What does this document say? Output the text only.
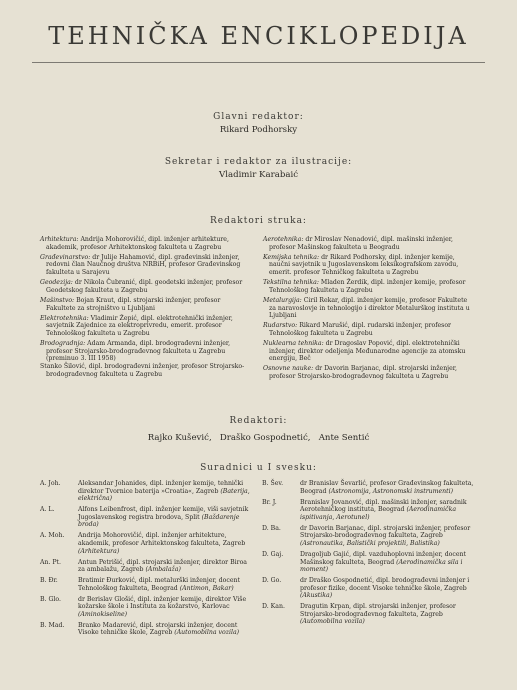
TEHNIČKA ENCIKLOPEDIJA
Glavni redaktor:
Rikard Podhorsky
Sekretar i redaktor za ilustracije:
Vladimir Karabaić
Redaktori struka:
Arhitektura: Andrija Mohorovičić, dipl. inženjer arhitekture, akademik, profesor Arhitektonskog fakulteta u Zagrebu
Građevinarstvo: dr Julije Hahamović, dipl. građevinski inženjer, redovni član Naučnog društva NRBiH, profesor Građevinskog fakulteta u Sarajevu
Geodezija: dr Nikola Čubranić, dipl. geodetski inženjer, profesor Geodetskog fakulteta u Zagrebu
Mašinstvo: Bojan Kraut, dipl. strojarski inženjer, profesor Fakultete za strojništvo u Ljubljani
Elektrotehnika: Vladimir Žepić, dipl. elektrotehnički inženjer, savjetnik Zajednice za elektroprivredu, emerit. profesor Tehnološkog fakulteta u Zagrebu
Brodogradnja: Adam Armanda, dipl. brodograđevni inženjer, profesor Strojarsko-brodograđevnog fakulteta u Zagrebu (preminuo 3. III 1958)
Stanko Šilović, dipl. brodograđevni inženjer, profesor Strojarsko-brodograđevnog fakulteta u Zagrebu
Aerotehnika: dr Miroslav Nenadović, dipl. mašinski inženjer, profesor Mašinskog fakulteta u Beogradu
Kemijska tehnika: dr Rikard Podhorsky, dipl. inženjer kemije, naučni savjetnik u Jugoslavenskom leksikografskom zavodu, emerit. profesor Tehničkog fakulteta u Zagrebu
Tekstilna tehnika: Mladen Žerdik, dipl. inženjer kemije, profesor Tehnološkog fakulteta u Zagrebu
Metalurgija: Ciril Rekar, dipl. inženjer kemije, profesor Fakultete za naravoslovje in tehnologijo i direktor Metalurškog instituta u Ljubljani
Rudarstvo: Rikard Marušić, dipl. rudarski inženjer, profesor Tehnološkog fakulteta u Zagrebu
Nuklearna tehnika: dr Dragoslav Popović, dipl. elektrotehnički inženjer, direktor odeljenja Međunarodne agencije za atomsku energiju, Beč
Osnovne nauke: dr Davorin Barjanac, dipl. strojarski inženjer, profesor Strojarsko-brodograđevnog fakulteta u Zagrebu
Redaktori:
Rajko Kušević,   Draško Gospodnetić,   Ante Sentić
Suradnici u I svesku:
A. Joh.	Aleksandar Johanides, dipl. inženjer kemije, tehnički direktor Tvornice baterija »Croatia«, Zagreb (Baterija, električna)
A. L.	Alfons Leibenfrost, dipl. inženjer kemije, viši savjetnik Jugoslavenskog registra brodova, Split (Baždarenje broda)
A. Moh.	Andrija Mohorovičić, dipl. inženjer arhitekture, akademik, profesor Arhitektonskog fakulteta, Zagreb (Arhitektura)
An. Pt.	Antun Petrišić, dipl. strojarski inženjer, direktor Biroa za ambalažu, Zagreb (Ambalaža)
B. Đr.	Bratimir Đurković, dipl. metalurški inženjer, docent Tehnološkog fakulteta, Beograd (Antimon, Bakar)
B. Glo.	dr Berislav Glošić, dipl. inženjer kemije, direktor Više kožarske škole i Instituta za kožarstvo, Karlovac (Aminokiseline)
B. Mad.	Branko Madarević, dipl. strojarski inženjer, docent Visoke tehničke škole, Zagreb (Automobilna vozila)
B. Šev.	dr Branislav Ševarlić, profesor Građevinskog fakulteta, Beograd (Astronomija, Astronomski instrumenti)
Br. J.	Branislav Jovanović, dipl. mašinski inženjer, saradnik Aerotehničkog instituta, Beograd (Aerodinamička ispitivanja, Aerotunel)
D. Ba.	dr Davorin Barjanac, dipl. strojarski inženjer, profesor Strojarsko-brodograđevnog fakulteta, Zagreb (Astronautika, Balistički projektili, Balistika)
D. Gaj.	Dragoljub Gajić, dipl. vazduhoplovni inženjer, docent Mašinskog fakulteta, Beograd (Aerodinamička sila i moment)
D. Go.	dr Draško Gospodnetić, dipl. brodograđevni inženjer i profesor fizike, docent Visoke tehničke škole, Zagreb (Akustika)
D. Kan.	Dragutin Krpan, dipl. strojarski inženjer, profesor Strojarsko-brodograđevnog fakulteta, Zagreb (Automobilna vozila)
